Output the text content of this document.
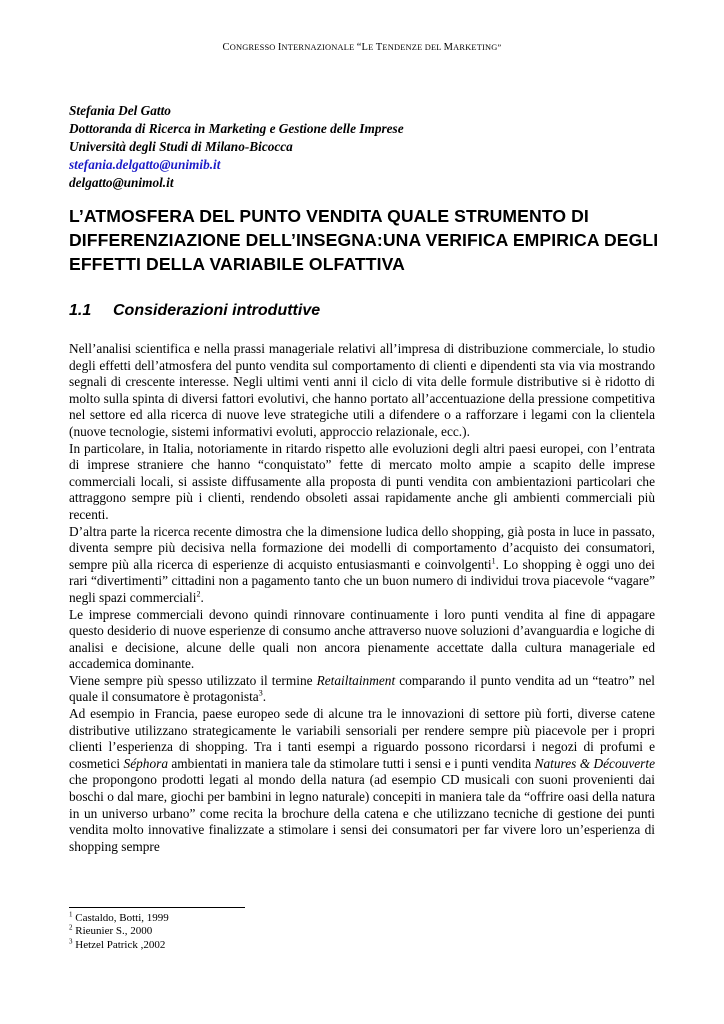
CONGRESSO INTERNAZIONALE “LE TENDENZE DEL MARKETING”
Stefania Del Gatto
Dottoranda di Ricerca in Marketing e Gestione delle Imprese
Università degli Studi di Milano-Bicocca
stefania.delgatto@unimib.it
delgatto@unimol.it
L’ATMOSFERA DEL PUNTO VENDITA QUALE STRUMENTO DI DIFFERENZIAZIONE DELL’INSEGNA:UNA VERIFICA EMPIRICA DEGLI EFFETTI DELLA VARIABILE OLFATTIVA
1.1 Considerazioni introduttive

Nell’analisi scientifica e nella prassi manageriale relativi all’impresa di distribuzione commerciale, lo studio degli effetti dell’atmosfera del punto vendita sul comportamento di clienti e dipendenti sta via via mostrando segnali di crescente interesse. Negli ultimi venti anni il ciclo di vita delle formule distributive si è ridotto di molto sulla spinta di diversi fattori evolutivi, che hanno portato all’accentuazione della pressione competitiva nel settore ed alla ricerca di nuove leve strategiche utili a difendere o a rafforzare i legami con la clientela (nuove tecnologie, sistemi informativi evoluti, approccio relazionale, ecc.).

In particolare, in Italia, notoriamente in ritardo rispetto alle evoluzioni degli altri paesi europei, con l’entrata di imprese straniere che hanno “conquistato” fette di mercato molto ampie a scapito delle imprese commerciali locali, si assiste diffusamente alla proposta di punti vendita con ambientazioni particolari che attraggono sempre più i clienti, rendendo obsoleti assai rapidamente anche gli ambienti commerciali più recenti.

D’altra parte la ricerca recente dimostra che la dimensione ludica dello shopping, già posta in luce in passato, diventa sempre più decisiva nella formazione dei modelli di comportamento d’acquisto dei consumatori, sempre più alla ricerca di esperienze di acquisto entusiasmanti e coinvolgenti$^1$. Lo shopping è oggi uno dei rari “divertimenti” cittadini non a pagamento tanto che un buon numero di individui trova piacevole “vagare” negli spazi commerciali$^2$.

Le imprese commerciali devono quindi rinnovare continuamente i loro punti vendita al fine di appagare questo desiderio di nuove esperienze di consumo anche attraverso nuove soluzioni d’avanguardia e logiche di analisi e decisione, alcune delle quali non ancora pienamente accettate dalla cultura manageriale ed accademica dominante.

Viene sempre più spesso utilizzato il termine Retailtainment comparando il punto vendita ad un “teatro” nel quale il consumatore è protagonista$^3$.

Ad esempio in Francia, paese europeo sede di alcune tra le innovazioni di settore più forti, diverse catene distributive utilizzano strategicamente le variabili sensoriali per rendere sempre più piacevole per i propri clienti l’esperienza di shopping. Tra i tanti esempi a riguardo possono ricordarsi i negozi di profumi e cosmetici Séphora ambientati in maniera tale da stimolare tutti i sensi e i punti vendita Natures & Découverte che propongono prodotti legati al mondo della natura (ad esempio CD musicali con suoni provenienti dai boschi o dal mare, giochi per bambini in legno naturale) concepiti in maniera tale da “offrire oasi della natura in un universo urbano” come recita la brochure della catena e che utilizzano tecniche di gestione dei punti vendita molto innovative finalizzate a stimolare i sensi dei consumatori per far vivere loro un’esperienza di shopping sempre

$^1$ Castaldo, Botti, 1999
$^2$ Rieunier S., 2000
$^3$ Hetzel Patrick ,2002
